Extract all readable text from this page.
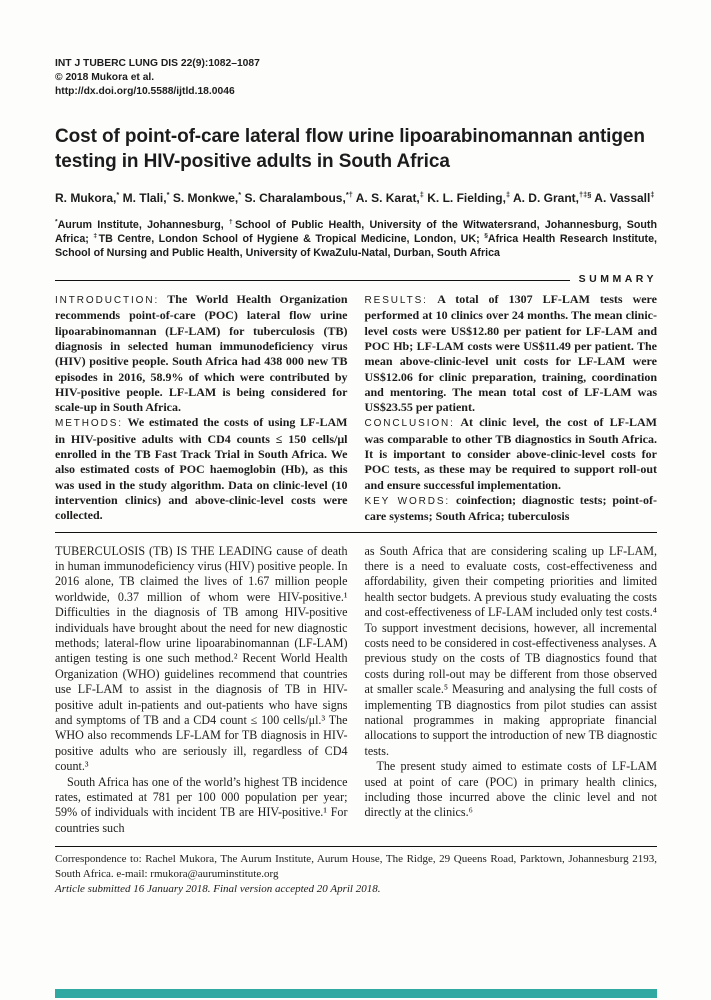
INT J TUBERC LUNG DIS 22(9):1082–1087
© 2018 Mukora et al.
http://dx.doi.org/10.5588/ijtld.18.0046
Cost of point-of-care lateral flow urine lipoarabinomannan antigen testing in HIV-positive adults in South Africa

R. Mukora,* M. Tlali,* S. Monkwe,* S. Charalambous,*† A. S. Karat,‡ K. L. Fielding,‡ A. D. Grant,†‡§ A. Vassall‡

*Aurum Institute, Johannesburg, †School of Public Health, University of the Witwatersrand, Johannesburg, South Africa; ‡TB Centre, London School of Hygiene & Tropical Medicine, London, UK; §Africa Health Research Institute, School of Nursing and Public Health, University of KwaZulu-Natal, Durban, South Africa

SUMMARY

INTRODUCTION: The World Health Organization recommends point-of-care (POC) lateral flow urine lipoarabinomannan (LF-LAM) for tuberculosis (TB) diagnosis in selected human immunodeficiency virus (HIV) positive people. South Africa had 438 000 new TB episodes in 2016, 58.9% of which were contributed by HIV-positive people. LF-LAM is being considered for scale-up in South Africa.

METHODS: We estimated the costs of using LF-LAM in HIV-positive adults with CD4 counts ≤ 150 cells/μl enrolled in the TB Fast Track Trial in South Africa. We also estimated costs of POC haemoglobin (Hb), as this was used in the study algorithm. Data on clinic-level (10 intervention clinics) and above-clinic-level costs were collected.

RESULTS: A total of 1307 LF-LAM tests were performed at 10 clinics over 24 months. The mean clinic-level costs were US$12.80 per patient for LF-LAM and POC Hb; LF-LAM costs were US$11.49 per patient. The mean above-clinic-level unit costs for LF-LAM were US$12.06 for clinic preparation, training, coordination and mentoring. The mean total cost of LF-LAM was US$23.55 per patient.

CONCLUSION: At clinic level, the cost of LF-LAM was comparable to other TB diagnostics in South Africa. It is important to consider above-clinic-level costs for POC tests, as these may be required to support roll-out and ensure successful implementation.

KEY WORDS: coinfection; diagnostic tests; point-of-care systems; South Africa; tuberculosis

TUBERCULOSIS (TB) IS THE LEADING cause of death in human immunodeficiency virus (HIV) positive people. In 2016 alone, TB claimed the lives of 1.67 million people worldwide, 0.37 million of whom were HIV-positive.¹ Difficulties in the diagnosis of TB among HIV-positive individuals have brought about the need for new diagnostic methods; lateral-flow urine lipoarabinomannan (LF-LAM) antigen testing is one such method.² Recent World Health Organization (WHO) guidelines recommend that countries use LF-LAM to assist in the diagnosis of TB in HIV-positive adult in-patients and out-patients who have signs and symptoms of TB and a CD4 count ≤ 100 cells/μl.³ The WHO also recommends LF-LAM for TB diagnosis in HIV-positive adults who are seriously ill, regardless of CD4 count.³

South Africa has one of the world’s highest TB incidence rates, estimated at 781 per 100 000 population per year; 59% of individuals with incident TB are HIV-positive.¹ For countries such

as South Africa that are considering scaling up LF-LAM, there is a need to evaluate costs, cost-effectiveness and affordability, given their competing priorities and limited health sector budgets. A previous study evaluating the costs and cost-effectiveness of LF-LAM included only test costs.⁴ To support investment decisions, however, all incremental costs need to be considered in cost-effectiveness analyses. A previous study on the costs of TB diagnostics found that costs during roll-out may be different from those observed at smaller scale.⁵ Measuring and analysing the full costs of implementing TB diagnostics from pilot studies can assist national programmes in making appropriate financial allocations to support the introduction of new TB diagnostic tests.

The present study aimed to estimate costs of LF-LAM used at point of care (POC) in primary health clinics, including those incurred above the clinic level and not directly at the clinics.⁶

Correspondence to: Rachel Mukora, The Aurum Institute, Aurum House, The Ridge, 29 Queens Road, Parktown, Johannesburg 2193, South Africa. e-mail: rmukora@auruminstitute.org

Article submitted 16 January 2018. Final version accepted 20 April 2018.
